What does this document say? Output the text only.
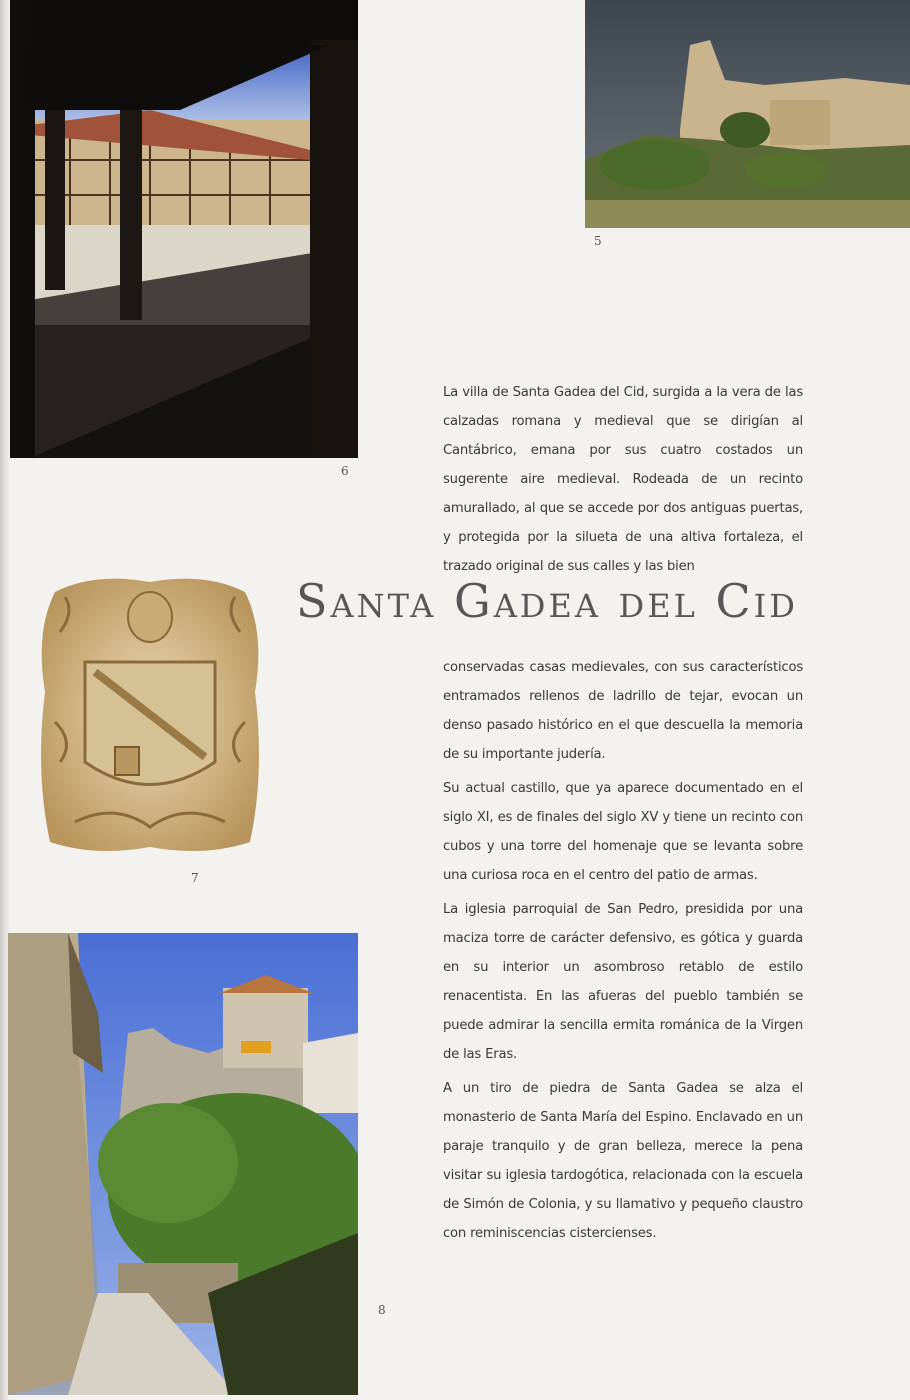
6
5

La villa de Santa Gadea del Cid, surgida a la vera de las calzadas romana y medieval que se dirigían al Cantábrico, emana por sus cuatro costados un sugerente aire medieval. Rodeada de un recinto amurallado, al que se accede por dos antiguas puertas, y protegida por la silueta de una altiva fortaleza, el trazado original de sus calles y las bien

Santa Gadea del Cid
7

conservadas casas medievales, con sus característicos entramados rellenos de ladrillo de tejar, evocan un denso pasado histórico en el que descuella la memoria de su importante judería.

Su actual castillo, que ya aparece documentado en el siglo XI, es de finales del siglo XV y tiene un recinto con cubos y una torre del homenaje que se levanta sobre una curiosa roca en el centro del patio de armas.

La iglesia parroquial de San Pedro, presidida por una maciza torre de carácter defensivo, es gótica y guarda en su interior un asombroso retablo de estilo renacentista. En las afueras del pueblo también se puede admirar la sencilla ermita románica de la Virgen de las Eras.

A un tiro de piedra de Santa Gadea se alza el monasterio de Santa María del Espino. Enclavado en un paraje tranquilo y de gran belleza, merece la pena visitar su iglesia tardogótica, relacionada con la escuela de Simón de Colonia, y su llamativo y pequeño claustro con reminiscencias cistercienses.

8
